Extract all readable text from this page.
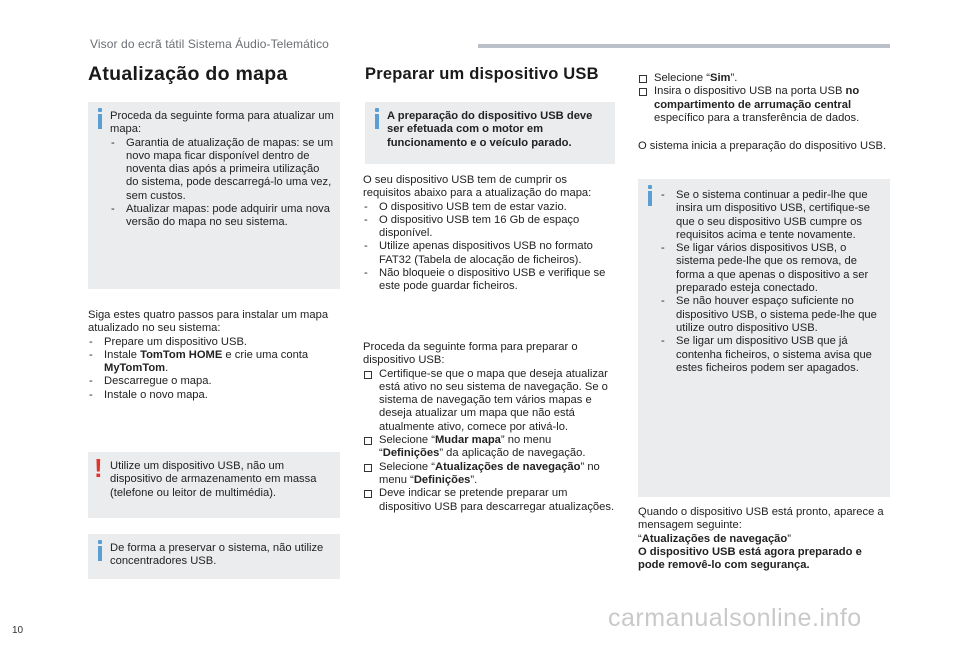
Visor do ecrã tátil Sistema Áudio-Telemático
Atualização do mapa
Proceda da seguinte forma para atualizar um mapa:
- Garantia de atualização de mapas: se um novo mapa ficar disponível dentro de noventa dias após a primeira utilização do sistema, pode descarregá-lo uma vez, sem custos.
- Atualizar mapas: pode adquirir uma nova versão do mapa no seu sistema.
Siga estes quatro passos para instalar um mapa atualizado no seu sistema:
- Prepare um dispositivo USB.
- Instale TomTom HOME e crie uma conta MyTomTom.
- Descarregue o mapa.
- Instale o novo mapa.
! Utilize um dispositivo USB, não um dispositivo de armazenamento em massa (telefone ou leitor de multimédia).
De forma a preservar o sistema, não utilize concentradores USB.
Preparar um dispositivo USB
A preparação do dispositivo USB deve ser efetuada com o motor em funcionamento e o veículo parado.
O seu dispositivo USB tem de cumprir os requisitos abaixo para a atualização do mapa:
- O dispositivo USB tem de estar vazio.
- O dispositivo USB tem 16 Gb de espaço disponível.
- Utilize apenas dispositivos USB no formato FAT32 (Tabela de alocação de ficheiros).
- Não bloqueie o dispositivo USB e verifique se este pode guardar ficheiros.
Proceda da seguinte forma para preparar o dispositivo USB:
Certifique-se que o mapa que deseja atualizar está ativo no seu sistema de navegação. Se o sistema de navegação tem vários mapas e deseja atualizar um mapa que não está atualmente ativo, comece por ativá-lo.
Selecione “Mudar mapa” no menu “Definições” da aplicação de navegação.
Selecione “Atualizações de navegação” no menu “Definições”.
Deve indicar se pretende preparar um dispositivo USB para descarregar atualizações.
Selecione “Sim”.
Insira o dispositivo USB na porta USB no compartimento de arrumação central específico para a transferência de dados.
O sistema inicia a preparação do dispositivo USB.
- Se o sistema continuar a pedir-lhe que insira um dispositivo USB, certifique-se que o seu dispositivo USB cumpre os requisitos acima e tente novamente.
- Se ligar vários dispositivos USB, o sistema pede-lhe que os remova, de forma a que apenas o dispositivo a ser preparado esteja conectado.
- Se não houver espaço suficiente no dispositivo USB, o sistema pede-lhe que utilize outro dispositivo USB.
- Se ligar um dispositivo USB que já contenha ficheiros, o sistema avisa que estes ficheiros podem ser apagados.
Quando o dispositivo USB está pronto, aparece a mensagem seguinte:
“Atualizações de navegação”
O dispositivo USB está agora preparado e pode removê-lo com segurança.
10	carmanualsonline.info
